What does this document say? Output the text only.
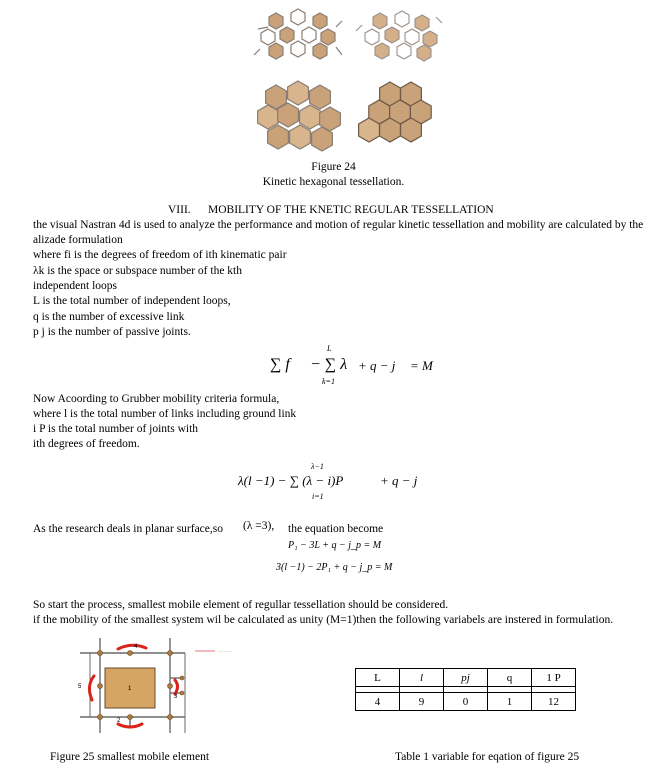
Figure 24
Kinetic hexagonal tessellation.
VIII. MOBILITY OF THE KNETIC REGULAR TESSELLATION
the visual Nastran 4d is used to analyze the performance and motion of regular kinetic tessellation and mobility are calculated by the
alizade formulation
where fi is the degrees of freedom of ith kinematic pair
λk is the space or subspace number of the kth
independent loops
L is the total number of independent loops,
q is the number of excessive link
p j is the number of passive joints.
∑ f − ∑ λ
L
k=1
+ q − j = M
Now Acoording to Grubber mobility criteria formula,
where l is the total number of links including ground link
i P is the total number of joints with
ith degrees of freedom.
λ(l −1) − ∑ (λ − i)P
λ−1
i=1
+ q − j
As the research deals in planar surface,so (λ =3), the equation become
P₁ − 3L + q − j_p = M
3(l −1) − 2P₁ + q − j_p = M
So start the process, smallest mobile element of regullar tessellation should be considered.
if the mobility of the smallest system wil be calculated as unity (M=1)then the following variabels are instered in formulation.
1
2
3
4
5
~~~~~~
L	l	pj	q	1 P

4	9	0	1	12
Figure 25 smallest mobile element	Table 1 variable for eqation of figure 25
